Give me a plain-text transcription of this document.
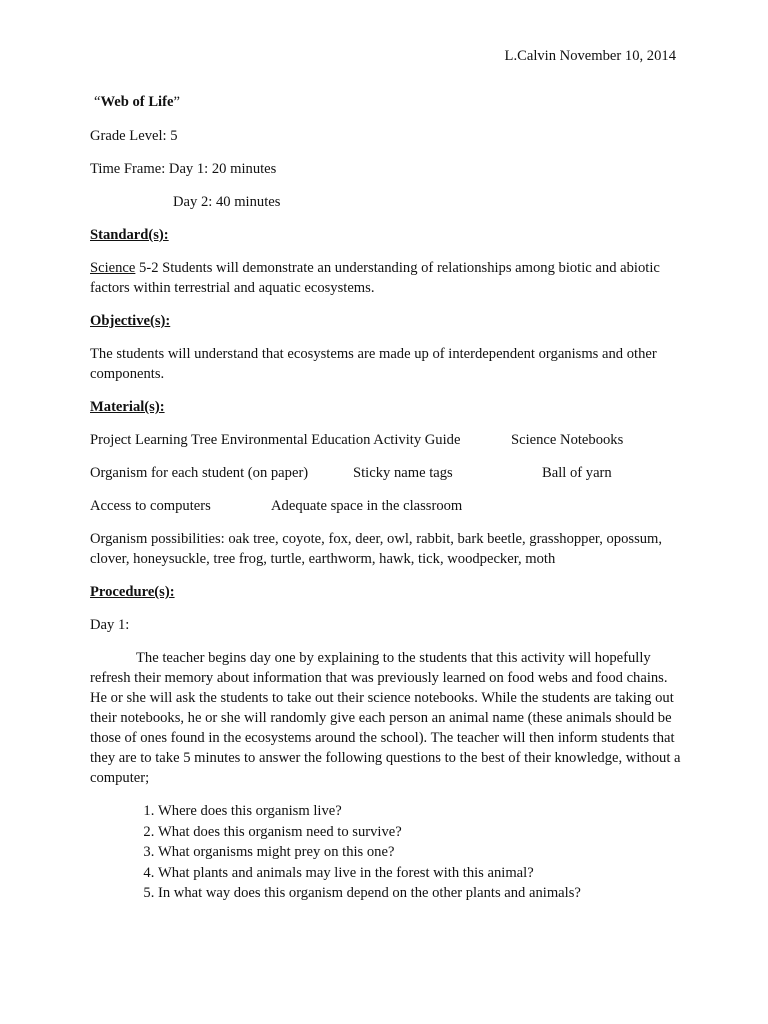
L.Calvin November 10, 2014

“Web of Life”

Grade Level: 5

Time Frame: Day 1: 20 minutes

Day 2: 40 minutes

Standard(s):

Science 5-2 Students will demonstrate an understanding of relationships among biotic and abiotic factors within terrestrial and aquatic ecosystems.

Objective(s):

The students will understand that ecosystems are made up of interdependent organisms and other components.

Material(s):

Project Learning Tree Environmental Education Activity Guide	Science Notebooks
Organism for each student (on paper)	Sticky name tags	Ball of yarn
Access to computers	Adequate space in the classroom

Organism possibilities: oak tree, coyote, fox, deer, owl, rabbit, bark beetle, grasshopper, opossum, clover, honeysuckle, tree frog, turtle, earthworm, hawk, tick, woodpecker, moth

Procedure(s):

Day 1:

The teacher begins day one by explaining to the students that this activity will hopefully refresh their memory about information that was previously learned on food webs and food chains. He or she will ask the students to take out their science notebooks. While the students are taking out their notebooks, he or she will randomly give each person an animal name (these animals should be those of ones found in the ecosystems around the school). The teacher will then inform students that they are to take 5 minutes to answer the following questions to the best of their knowledge, without a computer;

1. Where does this organism live?
2. What does this organism need to survive?
3. What organisms might prey on this one?
4. What plants and animals may live in the forest with this animal?
5. In what way does this organism depend on the other plants and animals?
